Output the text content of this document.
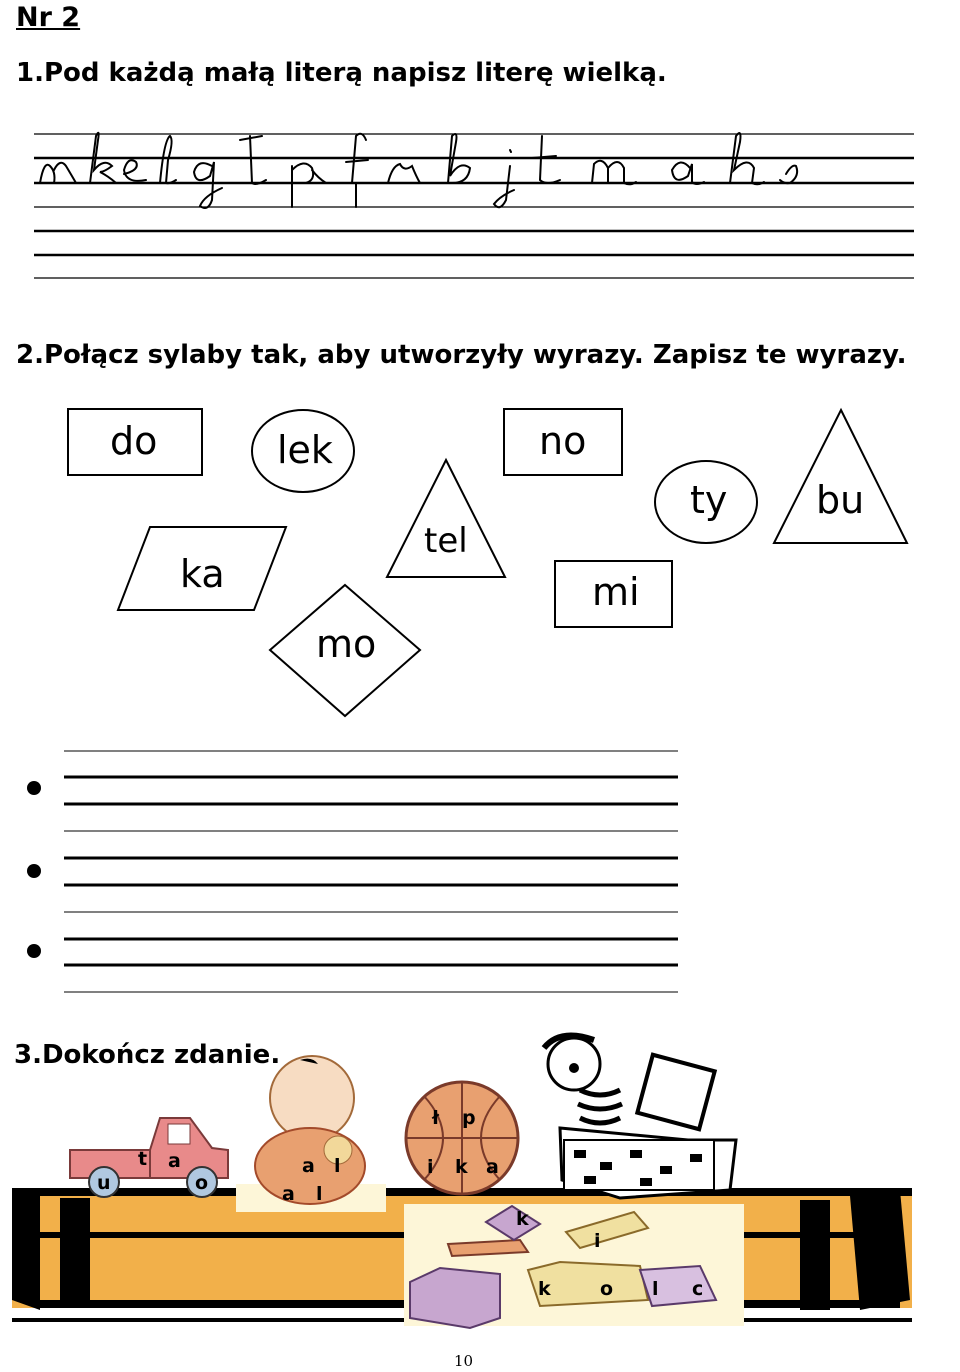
Nr 2
1.Pod każdą małą literą napisz literę wielką.
2.Połącz sylaby tak, aby utworzyły wyrazy. Zapisz te wyrazy.
do	lek	no
tel
ty bu
ka	mi
mo
3.Dokończ zdanie.
t a
u	o
a l
a l
ł p
i k a
k
i
k	o l c
10
